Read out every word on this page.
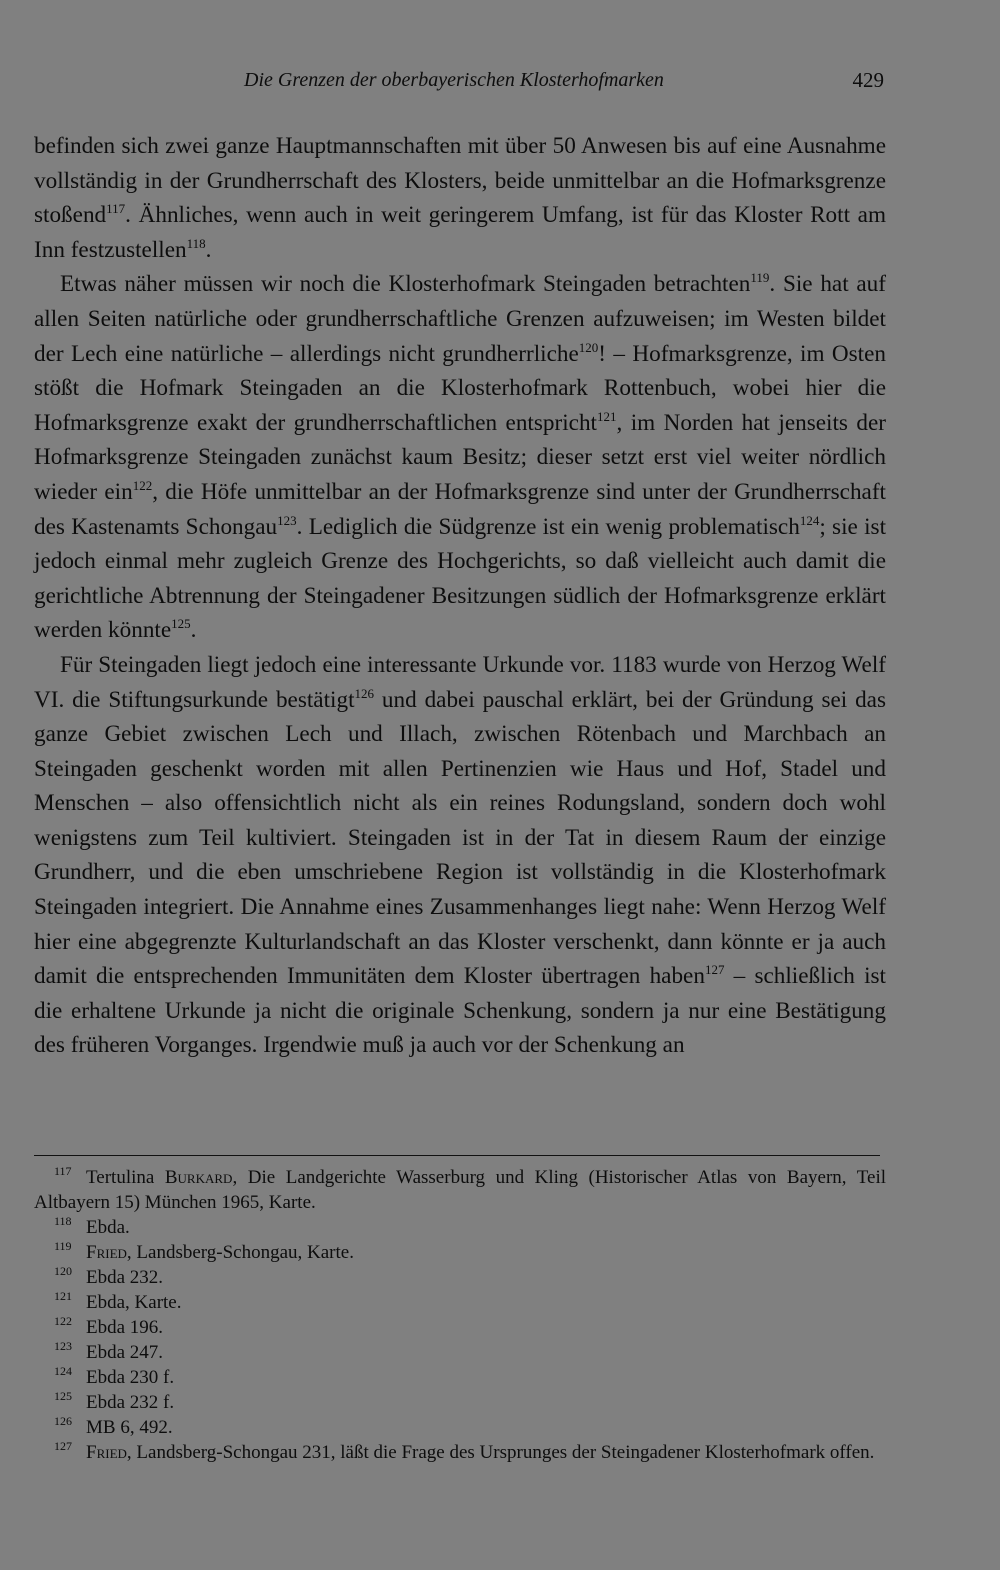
Die Grenzen der oberbayerischen Klosterhofmarken	429

befinden sich zwei ganze Hauptmannschaften mit über 50 Anwesen bis auf eine Ausnahme vollständig in der Grundherrschaft des Klosters, beide unmittelbar an die Hofmarksgrenze stoßend$^{117}$. Ähnliches, wenn auch in weit geringerem Umfang, ist für das Kloster Rott am Inn festzustellen$^{118}$.

Etwas näher müssen wir noch die Klosterhofmark Steingaden betrachten$^{119}$. Sie hat auf allen Seiten natürliche oder grundherrschaftliche Grenzen aufzuweisen; im Westen bildet der Lech eine natürliche – allerdings nicht grundherrliche$^{120}$! – Hofmarksgrenze, im Osten stößt die Hofmark Steingaden an die Klosterhofmark Rottenbuch, wobei hier die Hofmarksgrenze exakt der grundherrschaftlichen entspricht$^{121}$, im Norden hat jenseits der Hofmarksgrenze Steingaden zunächst kaum Besitz; dieser setzt erst viel weiter nördlich wieder ein$^{122}$, die Höfe unmittelbar an der Hofmarksgrenze sind unter der Grundherrschaft des Kastenamts Schongau$^{123}$. Lediglich die Südgrenze ist ein wenig problematisch$^{124}$; sie ist jedoch einmal mehr zugleich Grenze des Hochgerichts, so daß vielleicht auch damit die gerichtliche Abtrennung der Steingadener Besitzungen südlich der Hofmarksgrenze erklärt werden könnte$^{125}$.

Für Steingaden liegt jedoch eine interessante Urkunde vor. 1183 wurde von Herzog Welf VI. die Stiftungsurkunde bestätigt$^{126}$ und dabei pauschal erklärt, bei der Gründung sei das ganze Gebiet zwischen Lech und Illach, zwischen Rötenbach und Marchbach an Steingaden geschenkt worden mit allen Pertinenzien wie Haus und Hof, Stadel und Menschen – also offensichtlich nicht als ein reines Rodungsland, sondern doch wohl wenigstens zum Teil kultiviert. Steingaden ist in der Tat in diesem Raum der einzige Grundherr, und die eben umschriebene Region ist vollständig in die Klosterhofmark Steingaden integriert. Die Annahme eines Zusammenhanges liegt nahe: Wenn Herzog Welf hier eine abgegrenzte Kulturlandschaft an das Kloster verschenkt, dann könnte er ja auch damit die entsprechenden Immunitäten dem Kloster übertragen haben$^{127}$ – schließlich ist die erhaltene Urkunde ja nicht die originale Schenkung, sondern ja nur eine Bestätigung des früheren Vorganges. Irgendwie muß ja auch vor der Schenkung an

117 Tertulina Burkard, Die Landgerichte Wasserburg und Kling (Historischer Atlas von Bayern, Teil Altbayern 15) München 1965, Karte.

118 Ebda.

119 Fried, Landsberg-Schongau, Karte.

120 Ebda 232.

121 Ebda, Karte.

122 Ebda 196.

123 Ebda 247.

124 Ebda 230 f.

125 Ebda 232 f.

126 MB 6, 492.

127 Fried, Landsberg-Schongau 231, läßt die Frage des Ursprunges der Steingadener Klosterhofmark offen.
